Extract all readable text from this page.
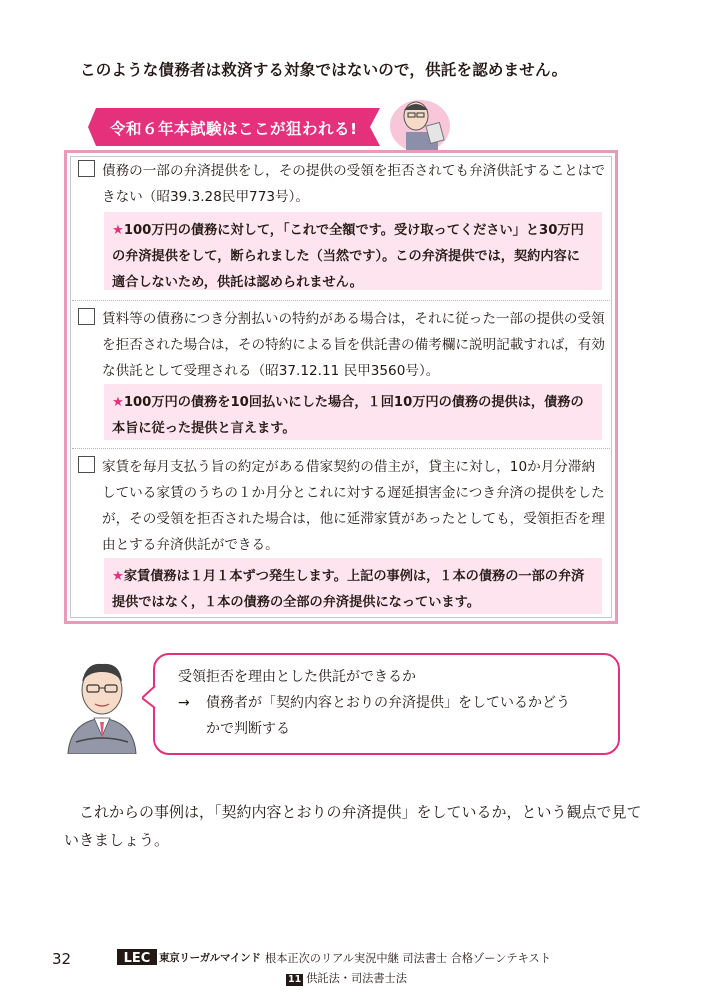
このような債務者は救済する対象ではないので，供託を認めません。
令和６年本試験はここが狙われる!
債務の一部の弁済提供をし，その提供の受領を拒否されても弁済供託することはできない（昭39.3.28民甲773号）。
★100万円の債務に対して，「これで全額です。受け取ってください」と30万円の弁済提供をして，断られました（当然です）。この弁済提供では，契約内容に適合しないため，供託は認められません。
賃料等の債務につき分割払いの特約がある場合は，それに従った一部の提供の受領を拒否された場合は，その特約による旨を供託書の備考欄に説明記載すれば，有効な供託として受理される（昭37.12.11 民甲3560号）。
★100万円の債務を10回払いにした場合，１回10万円の債務の提供は，債務の本旨に従った提供と言えます。
家賃を毎月支払う旨の約定がある借家契約の借主が，貸主に対し，10か月分滞納している家賃のうちの１か月分とこれに対する遅延損害金につき弁済の提供をしたが，その受領を拒否された場合は，他に延滞家賃があったとしても，受領拒否を理由とする弁済供託ができる。
★家賃債務は１月１本ずつ発生します。上記の事例は，１本の債務の一部の弁済提供ではなく，１本の債務の全部の弁済提供になっています。
受領拒否を理由とした供託ができるか
→	債務者が「契約内容とおりの弁済提供」をしているかどう
かで判断する
　これからの事例は，「契約内容とおりの弁済提供」をしているか，という観点で見ていきましょう。
32	LEC 東京リーガルマインド 根本正次のリアル実況中継 司法書士 合格ゾーンテキスト
11 供託法・司法書士法
